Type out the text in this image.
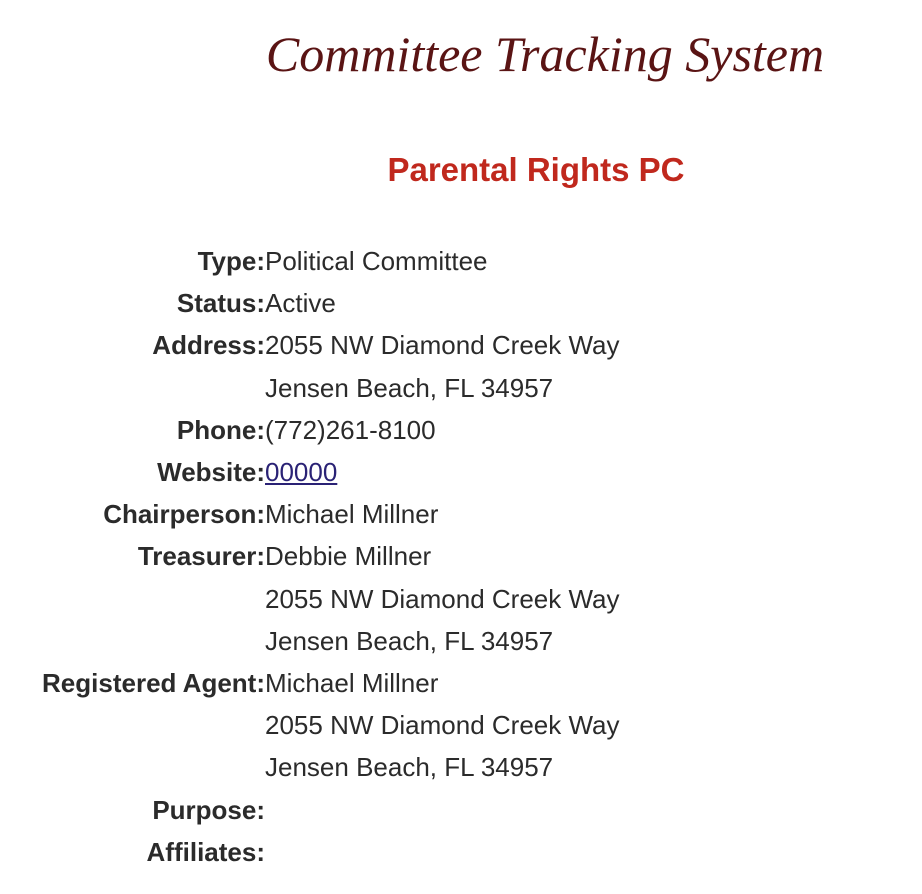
Committee Tracking System
Parental Rights PC
Type: Political Committee
Status: Active
Address: 2055 NW Diamond Creek Way
Jensen Beach, FL 34957
Phone: (772)261-8100
Website: 00000
Chairperson: Michael Millner
Treasurer: Debbie Millner
2055 NW Diamond Creek Way
Jensen Beach, FL 34957
Registered Agent: Michael Millner
2055 NW Diamond Creek Way
Jensen Beach, FL 34957
Purpose:
Affiliates:
